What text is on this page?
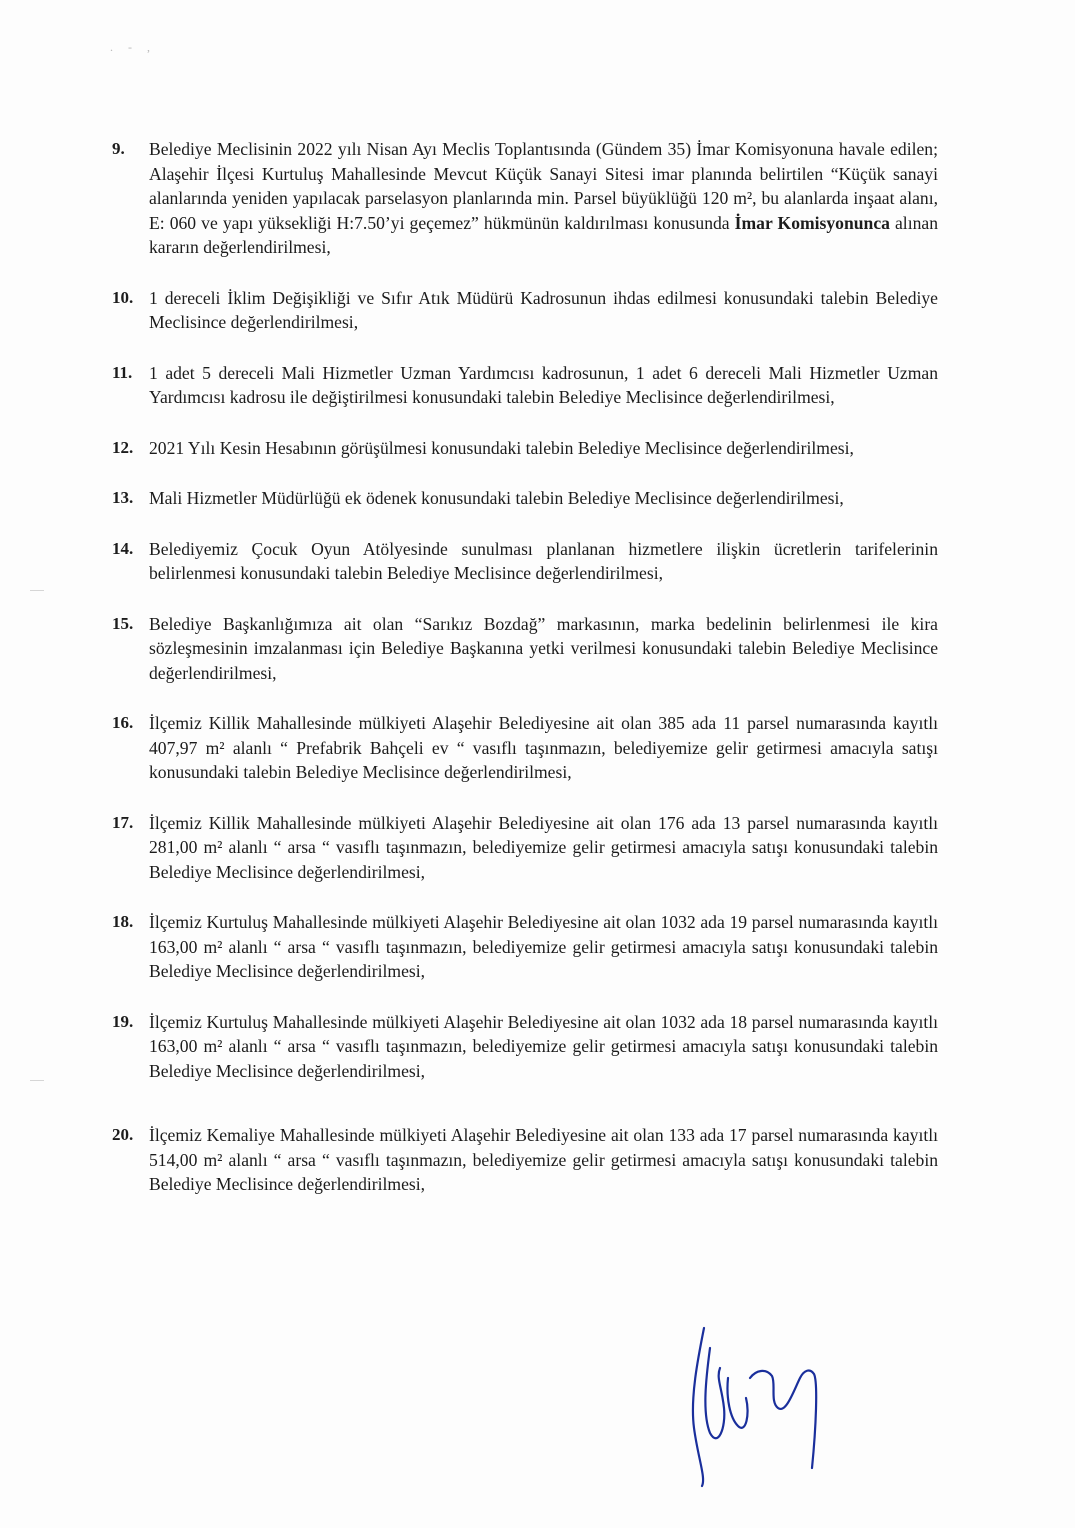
. - ,
9. Belediye Meclisinin 2022 yılı Nisan Ayı Meclis Toplantısında (Gündem 35) İmar Komisyonuna havale edilen; Alaşehir İlçesi Kurtuluş Mahallesinde Mevcut Küçük Sanayi Sitesi imar planında belirtilen “Küçük sanayi alanlarında yeniden yapılacak parselasyon planlarında min. Parsel büyüklüğü 120 m², bu alanlarda inşaat alanı, E: 060 ve yapı yüksekliği H:7.50’yi geçemez” hükmünün kaldırılması konusunda İmar Komisyonunca alınan kararın değerlendirilmesi,
10. 1 dereceli İklim Değişikliği ve Sıfır Atık Müdürü Kadrosunun ihdas edilmesi konusundaki talebin Belediye Meclisince değerlendirilmesi,
11. 1 adet 5 dereceli Mali Hizmetler Uzman Yardımcısı kadrosunun, 1 adet 6 dereceli Mali Hizmetler Uzman Yardımcısı kadrosu ile değiştirilmesi konusundaki talebin Belediye Meclisince değerlendirilmesi,
12. 2021 Yılı Kesin Hesabının görüşülmesi konusundaki talebin Belediye Meclisince değerlendirilmesi,
13. Mali Hizmetler Müdürlüğü ek ödenek konusundaki talebin Belediye Meclisince değerlendirilmesi,
14. Belediyemiz Çocuk Oyun Atölyesinde sunulması planlanan hizmetlere ilişkin ücretlerin tarifelerinin belirlenmesi konusundaki talebin Belediye Meclisince değerlendirilmesi,
15. Belediye Başkanlığımıza ait olan “Sarıkız Bozdağ” markasının, marka bedelinin belirlenmesi ile kira sözleşmesinin imzalanması için Belediye Başkanına yetki verilmesi konusundaki talebin Belediye Meclisince değerlendirilmesi,
16. İlçemiz Killik Mahallesinde mülkiyeti Alaşehir Belediyesine ait olan 385 ada 11 parsel numarasında kayıtlı 407,97 m² alanlı “ Prefabrik Bahçeli ev “ vasıflı taşınmazın, belediyemize gelir getirmesi amacıyla satışı konusundaki talebin Belediye Meclisince değerlendirilmesi,
17. İlçemiz Killik Mahallesinde mülkiyeti Alaşehir Belediyesine ait olan 176 ada 13 parsel numarasında kayıtlı 281,00 m² alanlı “ arsa “ vasıflı taşınmazın, belediyemize gelir getirmesi amacıyla satışı konusundaki talebin Belediye Meclisince değerlendirilmesi,
18. İlçemiz Kurtuluş Mahallesinde mülkiyeti Alaşehir Belediyesine ait olan 1032 ada 19 parsel numarasında kayıtlı 163,00 m² alanlı “ arsa “ vasıflı taşınmazın, belediyemize gelir getirmesi amacıyla satışı konusundaki talebin Belediye Meclisince değerlendirilmesi,
19. İlçemiz Kurtuluş Mahallesinde mülkiyeti Alaşehir Belediyesine ait olan 1032 ada 18 parsel numarasında kayıtlı 163,00 m² alanlı “ arsa “ vasıflı taşınmazın, belediyemize gelir getirmesi amacıyla satışı konusundaki talebin Belediye Meclisince değerlendirilmesi,
20. İlçemiz Kemaliye Mahallesinde mülkiyeti Alaşehir Belediyesine ait olan 133 ada 17 parsel numarasında kayıtlı 514,00 m² alanlı “ arsa “ vasıflı taşınmazın, belediyemize gelir getirmesi amacıyla satışı konusundaki talebin Belediye Meclisince değerlendirilmesi,
